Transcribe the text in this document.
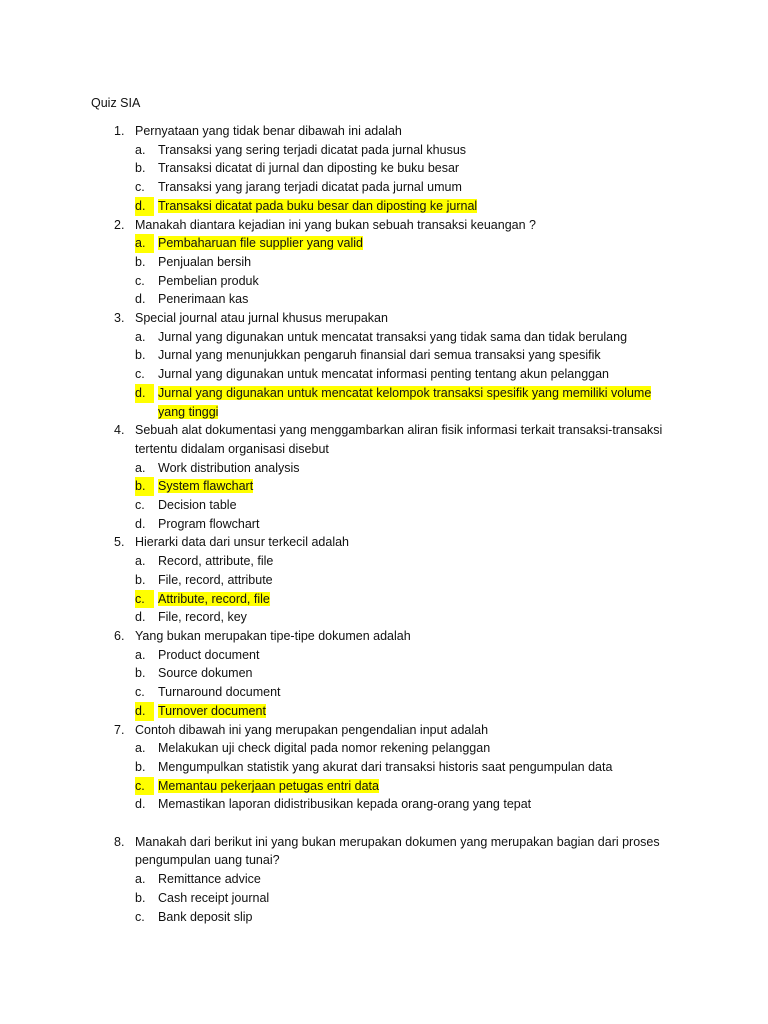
Quiz SIA
1. Pernyataan yang tidak benar dibawah ini adalah
a. Transaksi yang sering terjadi dicatat pada jurnal khusus
b. Transaksi dicatat di jurnal dan diposting ke buku besar
c. Transaksi yang jarang terjadi dicatat pada jurnal umum
d.	Transaksi dicatat pada buku besar dan diposting ke jurnal
2. Manakah diantara kejadian ini yang bukan sebuah transaksi keuangan ?
a.	Pembaharuan file supplier yang valid
b. Penjualan bersih
c. Pembelian produk
d. Penerimaan kas
3. Special journal atau jurnal khusus merupakan
a. Jurnal yang digunakan untuk mencatat transaksi yang tidak sama dan tidak berulang
b. Jurnal yang menunjukkan pengaruh finansial dari semua transaksi yang spesifik
c. Jurnal yang digunakan untuk mencatat informasi penting tentang akun pelanggan
d.	Jurnal yang digunakan untuk mencatat kelompok transaksi spesifik yang memiliki volume yang tinggi
4. Sebuah alat dokumentasi yang menggambarkan aliran fisik informasi terkait transaksi-transaksi tertentu didalam organisasi disebut
a. Work distribution analysis
b.	System flawchart
c. Decision table
d. Program flowchart
5. Hierarki data dari unsur terkecil adalah
a. Record, attribute, file
b. File, record, attribute
c.	Attribute, record, file
d. File, record, key
6. Yang bukan merupakan tipe-tipe dokumen adalah
a. Product document
b. Source dokumen
c. Turnaround document
d.	Turnover document
7. Contoh dibawah ini yang merupakan pengendalian input adalah
a. Melakukan uji check digital pada nomor rekening pelanggan
b. Mengumpulkan statistik yang akurat dari transaksi historis saat pengumpulan data
c.	Memantau pekerjaan petugas entri data
d. Memastikan laporan didistribusikan kepada orang-orang yang tepat
8. Manakah dari berikut ini yang bukan merupakan dokumen yang merupakan bagian dari proses pengumpulan uang tunai?
a. Remittance advice
b. Cash receipt journal
c. Bank deposit slip
